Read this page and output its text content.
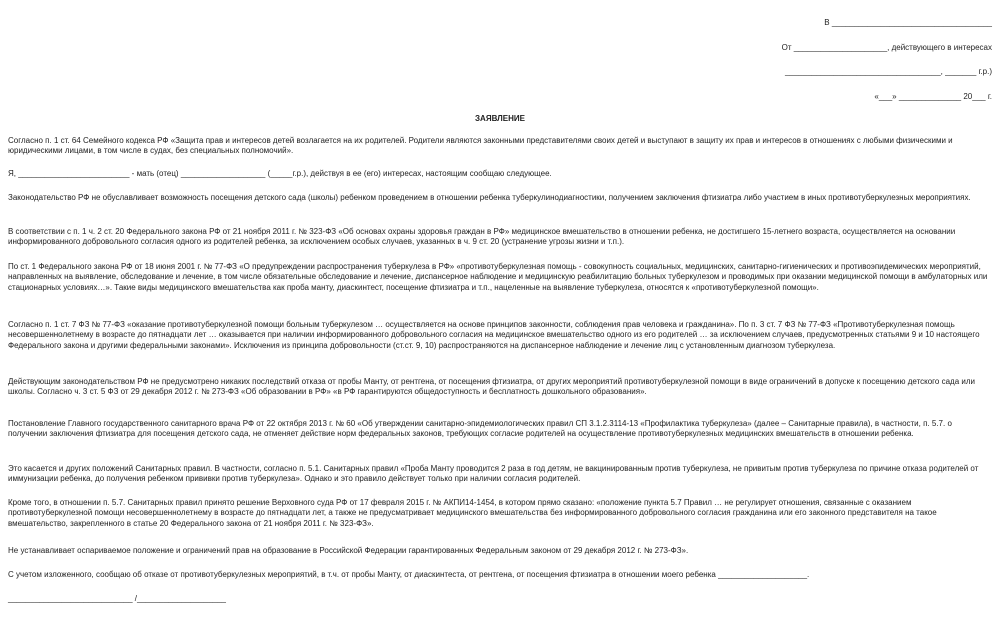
В ____________________________________
От _____________________, действующего в интересах
___________________________________, _______ г.р.)
«___» ______________ 20___ г.
ЗАЯВЛЕНИЕ

Согласно п. 1 ст. 64 Семейного кодекса РФ «Защита прав и интересов детей возлагается на их родителей. Родители являются законными представителями своих детей и выступают в защиту их прав и интересов в отношениях с любыми физическими и юридическими лицами, в том числе в судах, без специальных полномочий».

Я, _________________________ - мать (отец) ___________________ (_____г.р.), действуя в ее (его) интересах, настоящим сообщаю следующее.

Законодательство РФ не обуславливает возможность посещения детского сада (школы) ребенком проведением в отношении ребенка туберкулинодиагностики, получением заключения фтизиатра либо участием в иных противотуберкулезных мероприятиях.

В соответствии с п. 1 ч. 2 ст. 20 Федерального закона РФ от 21 ноября 2011 г. № 323-ФЗ «Об основах охраны здоровья граждан в РФ» медицинское вмешательство в отношении ребенка, не достигшего 15-летнего возраста, осуществляется на основании информированного добровольного согласия одного из родителей ребенка, за исключением особых случаев, указанных в ч. 9 ст. 20 (устранение угрозы жизни и т.п.).

По ст. 1 Федерального закона РФ от 18 июня 2001 г. № 77-ФЗ «О предупреждении распространения туберкулеза в РФ» «противотуберкулезная помощь - совокупность социальных, медицинских, санитарно-гигиенических и противоэпидемических мероприятий, направленных на выявление, обследование и лечение, в том числе обязательные обследование и лечение, диспансерное наблюдение и медицинскую реабилитацию больных туберкулезом и проводимых при оказании медицинской помощи в амбулаторных или стационарных условиях…». Такие виды медицинского вмешательства как проба манту, диаскинтест, посещение фтизиатра и т.п., нацеленные на выявление туберкулеза, относятся к «противотуберкулезной помощи».

Согласно п. 1 ст. 7 ФЗ № 77-ФЗ «оказание противотуберкулезной помощи больным туберкулезом … осуществляется на основе принципов законности, соблюдения прав человека и гражданина». По п. 3 ст. 7 ФЗ № 77-ФЗ «Противотуберкулезная помощь несовершеннолетнему в возрасте до пятнадцати лет … оказывается при наличии информированного добровольного согласия на медицинское вмешательство одного из его родителей … за исключением случаев, предусмотренных статьями 9 и 10 настоящего Федерального закона и другими федеральными законами». Исключения из принципа добровольности (ст.ст. 9, 10) распространяются на диспансерное наблюдение и лечение лиц с установленным диагнозом туберкулеза.

Действующим законодательством РФ не предусмотрено никаких последствий отказа от пробы Манту, от рентгена, от посещения фтизиатра, от других мероприятий противотуберкулезной помощи в виде ограничений в допуске к посещению детского сада или школы. Согласно ч. 3 ст. 5 ФЗ от 29 декабря 2012 г. № 273-ФЗ «Об образовании в РФ» «в РФ гарантируются общедоступность и бесплатность дошкольного образования».

Постановление Главного государственного санитарного врача РФ от 22 октября 2013 г. № 60 «Об утверждении санитарно-эпидемиологических правил СП 3.1.2.3114-13 «Профилактика туберкулеза» (далее – Санитарные правила), в частности, п. 5.7. о получении заключения фтизиатра для посещения детского сада, не отменяет действие норм федеральных законов, требующих согласие родителей на осуществление противотуберкулезных медицинских вмешательств в отношении ребенка.

Это касается и других положений Санитарных правил. В частности, согласно п. 5.1. Санитарных правил «Проба Манту проводится 2 раза в год детям, не вакцинированным против туберкулеза, не привитым против туберкулеза по причине отказа родителей от иммунизации ребенка, до получения ребенком прививки против туберкулеза». Однако и это правило действует только при наличии согласия родителей.

Кроме того, в отношении п. 5.7. Санитарных правил принято решение Верховного суда РФ от 17 февраля 2015 г. № АКПИ14-1454, в котором прямо сказано: «положение пункта 5.7 Правил … не регулирует отношения, связанные с оказанием противотуберкулезной помощи несовершеннолетнему в возрасте до пятнадцати лет, а также не предусматривает медицинского вмешательства без информированного добровольного согласия гражданина или его законного представителя на такое вмешательство, закрепленного в статье 20 Федерального закона от 21 ноября 2011 г. № 323-ФЗ».

Не устанавливает оспариваемое положение и ограничений прав на образование в Российской Федерации гарантированных Федеральным законом от 29 декабря 2012 г. № 273-ФЗ».

С учетом изложенного, сообщаю об отказе от противотуберкулезных мероприятий, в т.ч. от пробы Манту, от диаскинтеста, от рентгена, от посещения фтизиатра в отношении моего ребенка ____________________.

____________________________ /____________________
